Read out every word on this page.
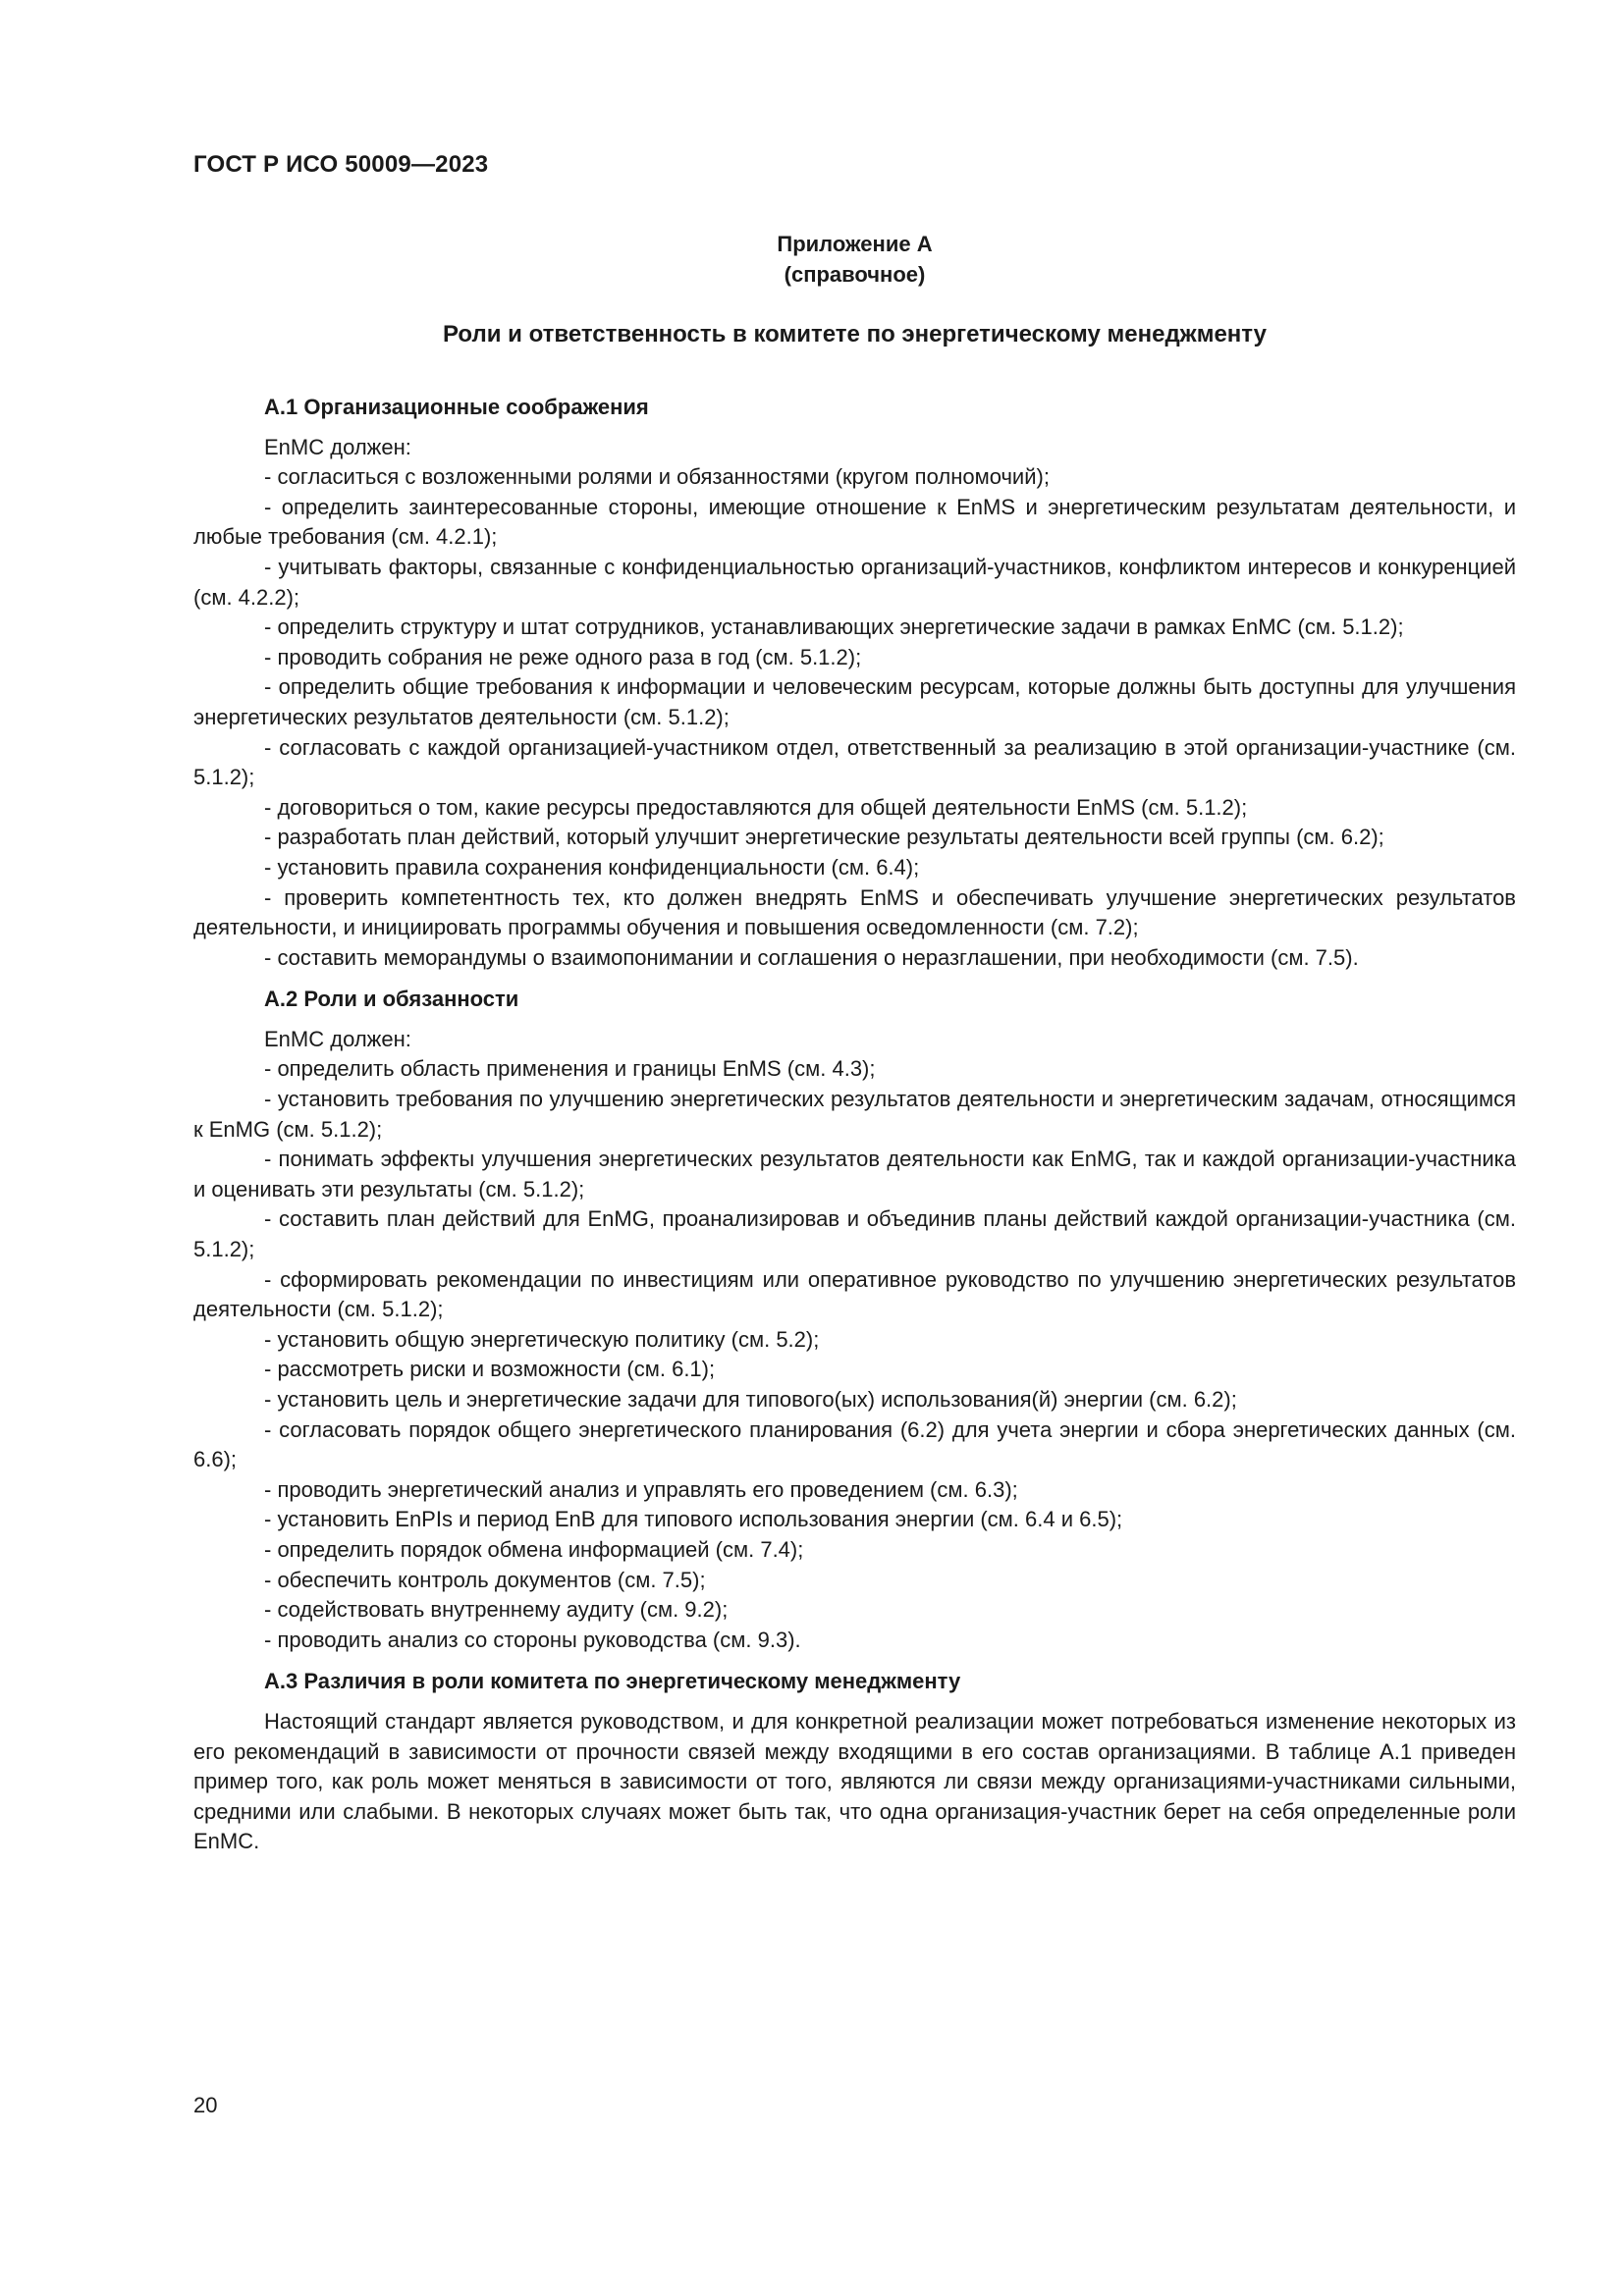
ГОСТ Р ИСО 50009—2023
Приложение А
(справочное)
Роли и ответственность в комитете по энергетическому менеджменту
А.1 Организационные соображения

EnMC должен:

- согласиться с возложенными ролями и обязанностями (кругом полномочий);

- определить заинтересованные стороны, имеющие отношение к EnMS и энергетическим результатам деятельности, и любые требования (см. 4.2.1);

- учитывать факторы, связанные с конфиденциальностью организаций-участников, конфликтом интересов и конкуренцией (см. 4.2.2);

- определить структуру и штат сотрудников, устанавливающих энергетические задачи в рамках EnMC (см. 5.1.2);

- проводить собрания не реже одного раза в год (см. 5.1.2);

- определить общие требования к информации и человеческим ресурсам, которые должны быть доступны для улучшения энергетических результатов деятельности (см. 5.1.2);

- согласовать с каждой организацией-участником отдел, ответственный за реализацию в этой организации-участнике (см. 5.1.2);

- договориться о том, какие ресурсы предоставляются для общей деятельности EnMS (см. 5.1.2);

- разработать план действий, который улучшит энергетические результаты деятельности всей группы (см. 6.2);

- установить правила сохранения конфиденциальности (см. 6.4);

- проверить компетентность тех, кто должен внедрять EnMS и обеспечивать улучшение энергетических результатов деятельности, и инициировать программы обучения и повышения осведомленности (см. 7.2);

- составить меморандумы о взаимопонимании и соглашения о неразглашении, при необходимости (см. 7.5).

А.2 Роли и обязанности

EnMC должен:

- определить область применения и границы EnMS (см. 4.3);

- установить требования по улучшению энергетических результатов деятельности и энергетическим задачам, относящимся к EnMG (см. 5.1.2);

- понимать эффекты улучшения энергетических результатов деятельности как EnMG, так и каждой организации-участника и оценивать эти результаты (см. 5.1.2);

- составить план действий для EnMG, проанализировав и объединив планы действий каждой организации-участника (см. 5.1.2);

- сформировать рекомендации по инвестициям или оперативное руководство по улучшению энергетических результатов деятельности (см. 5.1.2);

- установить общую энергетическую политику (см. 5.2);

- рассмотреть риски и возможности (см. 6.1);

- установить цель и энергетические задачи для типового(ых) использования(й) энергии (см. 6.2);

- согласовать порядок общего энергетического планирования (6.2) для учета энергии и сбора энергетических данных (см. 6.6);

- проводить энергетический анализ и управлять его проведением (см. 6.3);

- установить EnPIs и период EnB для типового использования энергии (см. 6.4 и 6.5);

- определить порядок обмена информацией (см. 7.4);

- обеспечить контроль документов (см. 7.5);

- содействовать внутреннему аудиту (см. 9.2);

- проводить анализ со стороны руководства (см. 9.3).

А.3 Различия в роли комитета по энергетическому менеджменту

Настоящий стандарт является руководством, и для конкретной реализации может потребоваться изменение некоторых из его рекомендаций в зависимости от прочности связей между входящими в его состав организациями. В таблице А.1 приведен пример того, как роль может меняться в зависимости от того, являются ли связи между организациями-участниками сильными, средними или слабыми. В некоторых случаях может быть так, что одна организация-участник берет на себя определенные роли EnMC.

20
